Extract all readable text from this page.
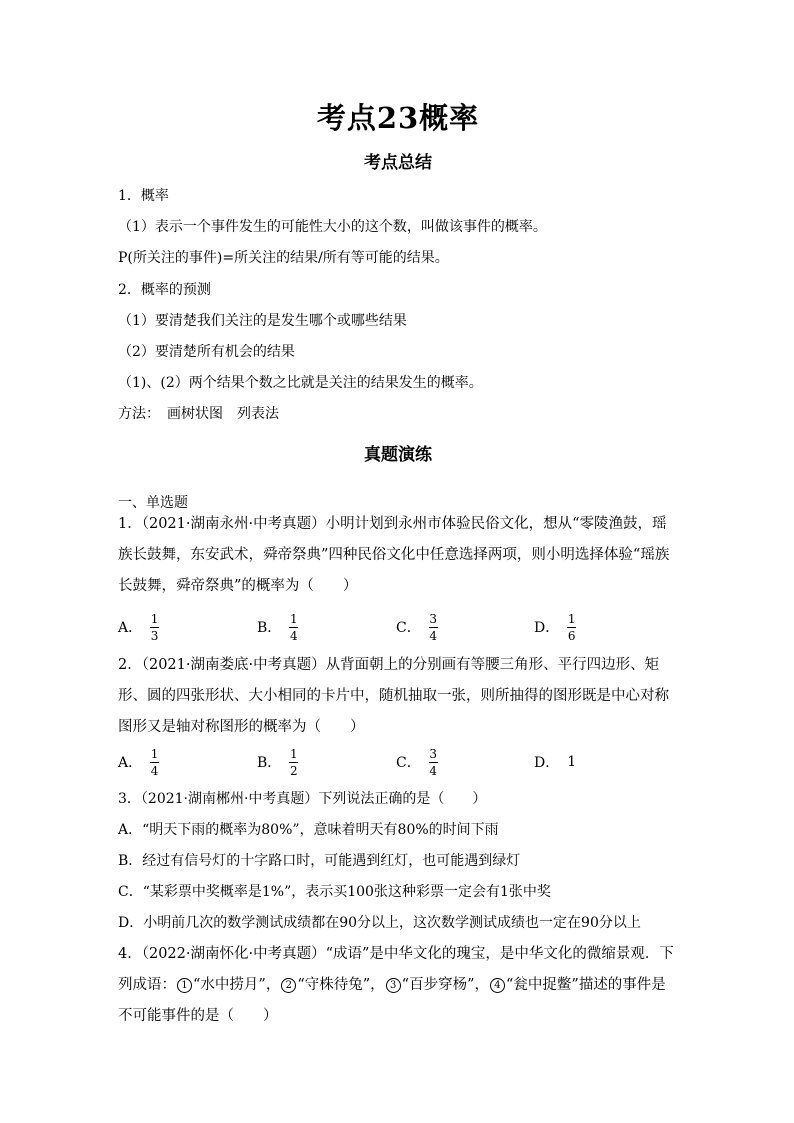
考点23概率
考点总结
1．概率
（1）表示一个事件发生的可能性大小的这个数，叫做该事件的概率。
P(所关注的事件)=所关注的结果/所有等可能的结果。
2．概率的预测
（1）要清楚我们关注的是发生哪个或哪些结果
（2）要清楚所有机会的结果
（1)、(2）两个结果个数之比就是关注的结果发生的概率。
方法：　画树状图　列表法
真题演练
一、单选题
1．（2021·湖南永州·中考真题）小明计划到永州市体验民俗文化，想从“零陵渔鼓，瑶族长鼓舞，东安武术，舜帝祭典”四种民俗文化中任意选择两项，则小明选择体验“瑶族长鼓舞，舜帝祭典”的概率为（　　）
A． $\frac{1}{3}$	B． $\frac{1}{4}$	C． $\frac{3}{4}$	D． $\frac{1}{6}$
2．（2021·湖南娄底·中考真题）从背面朝上的分别画有等腰三角形、平行四边形、矩形、圆的四张形状、大小相同的卡片中，随机抽取一张，则所抽得的图形既是中心对称图形又是轴对称图形的概率为（　　）
A． $\frac{1}{4}$	B． $\frac{1}{2}$	C． $\frac{3}{4}$	D． 1
3．（2021·湖南郴州·中考真题）下列说法正确的是（　　）
A．“明天下雨的概率为80%”，意味着明天有80%的时间下雨
B．经过有信号灯的十字路口时，可能遇到红灯，也可能遇到绿灯
C．“某彩票中奖概率是1%”，表示买100张这种彩票一定会有1张中奖
D．小明前几次的数学测试成绩都在90分以上，这次数学测试成绩也一定在90分以上
4．（2022·湖南怀化·中考真题）“成语”是中华文化的瑰宝，是中华文化的微缩景观．下列成语： 1 “水中捞月”， 2 “守株待兔”， 3 “百步穿杨”， 4 “瓮中捉鳖”描述的事件是不可能事件的是（　　）
